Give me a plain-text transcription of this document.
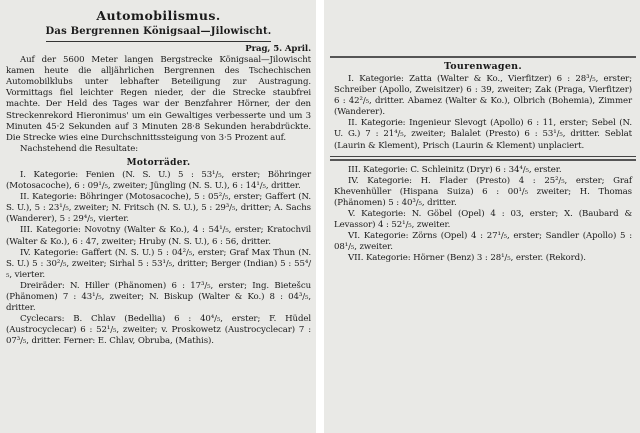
Automobilismus.
Das Bergrennen Königsaal—Jilowischt.

Prag, 5. April.

Auf der 5600 Meter langen Bergstrecke Königsaal—Jilowischt kamen heute die alljährlichen Bergrennen des Tschechischen Automobilklubs unter lebhafter Beteiligung zur Austragung. Vormittags fiel leichter Regen nieder, der die Strecke staubfrei machte. Der Held des Tages war der Benzfahrer Hörner, der den Streckenrekord Hieronimus' um ein Gewaltiges verbesserte und um 3 Minuten 45·2 Sekunden auf 3 Minuten 28·8 Sekunden herabdrückte. Die Strecke wies eine Durchschnittssteigung von 3·5 Prozent auf.

Nachstehend die Resultate:

Motorräder.

I. Kategorie: Fenien (N. S. U.) 5 : 53¹/₅, erster; Böhringer (Motosacoche), 6 : 09¹/₅, zweiter; Jüngling (N. S. U.), 6 : 14¹/₅, dritter.

II. Kategorie: Böhringer (Motosacoche), 5 : 05²/₅, erster; Gaffert (N. S. U.), 5 : 23¹/₅, zweiter; N. Fritsch (N. S. U.), 5 : 29³/₅, dritter; A. Sachs (Wanderer), 5 : 29⁴/₅, vierter.

III. Kategorie: Novotny (Walter & Ko.), 4 : 54¹/₅, erster; Kratochvil (Walter & Ko.), 6 : 47, zweiter; Hruby (N. S. U.), 6 : 56, dritter.

IV. Kategorie: Gaffert (N. S. U.) 5 : 04²/₅, erster; Graf Max Thun (N. S. U.) 5 : 30²/₅, zweiter; Sirhal 5 : 53¹/₅, dritter; Berger (Indian) 5 : 55⁴/₅, vierter.

Dreiräder: N. Hiller (Phänomen) 6 : 17³/₅, erster; Ing. Bietešcu (Phänomen) 7 : 43¹/₅, zweiter; N. Biskup (Walter & Ko.) 8 : 04³/₅, dritter.

Cyclecars: B. Chlav (Bedellia) 6 : 40⁴/₅, erster; F. Hüdel (Austrocyclecar) 6 : 52¹/₅, zweiter; v. Proskowetz (Austrocyclecar) 7 : 07³/₅, dritter. Ferner: E. Chlav, Obruba, (Mathis).

Tourenwagen.

I. Kategorie: Zatta (Walter & Ko., Vierfitzer) 6 : 28³/₅, erster; Schreiber (Apollo, Zweisitzer) 6 : 39, zweiter; Zak (Praga, Vierfitzer) 6 : 42²/₅, dritter. Abamez (Walter & Ko.), Olbrich (Bohemia), Zimmer (Wanderer).

II. Kategorie: Ingenieur Slevogt (Apollo) 6 : 11, erster; Sebel (N. U. G.) 7 : 21⁴/₅, zweiter; Balalet (Presto) 6 : 53¹/₅, dritter. Seblat (Laurin & Klement), Prisch (Laurin & Klement) unplaciert.

III. Kategorie: C. Schleinitz (Dryr) 6 : 34⁴/₅, erster.

IV. Kategorie: H. Flader (Presto) 4 : 25²/₅, erster; Graf Khevenhüller (Hispana Suiza) 6 : 00¹/₅ zweiter; H. Thomas (Phänomen) 5 : 40³/₅, dritter.

V. Kategorie: N. Göbel (Opel) 4 : 03, erster; X. (Baubard & Levassor) 4 : 52¹/₅, zweiter.

VI. Kategorie: Zörns (Opel) 4 : 27¹/₅, erster; Sandler (Apollo) 5 : 08¹/₅, zweiter.

VII. Kategorie: Hörner (Benz) 3 : 28¹/₅, erster. (Rekord).
